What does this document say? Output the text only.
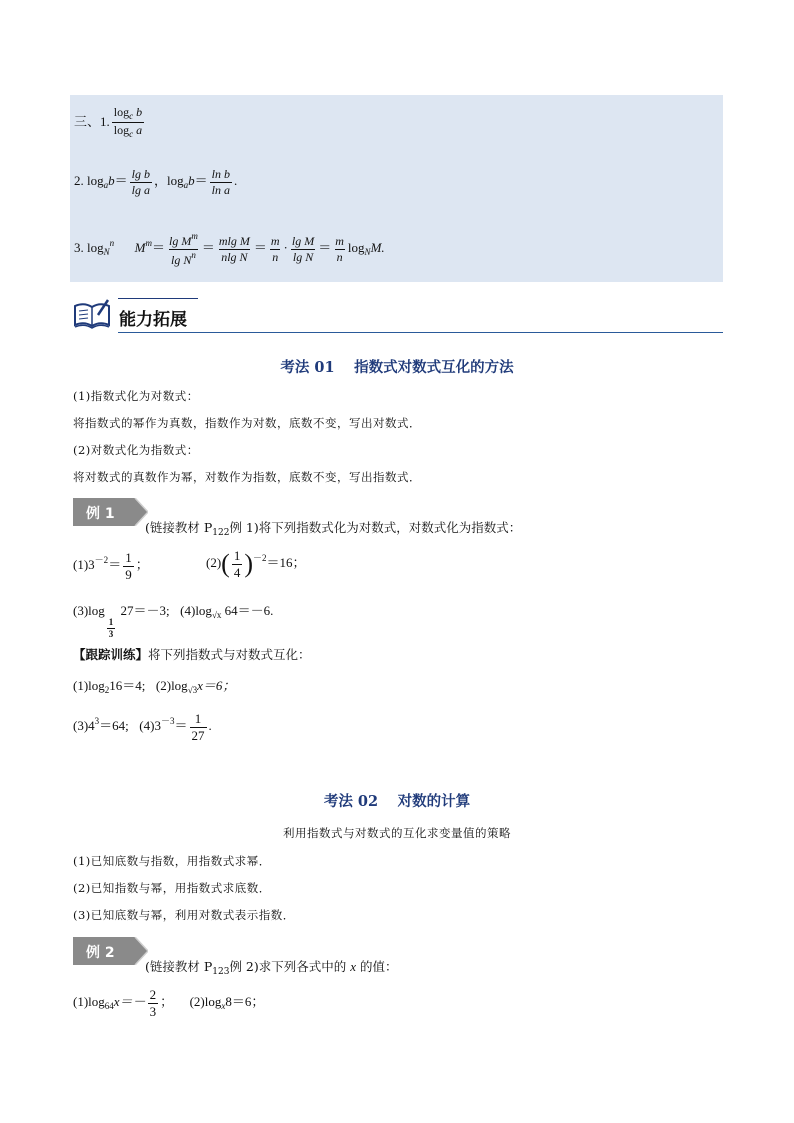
三、1. $\frac{\log_c b}{\log_c a}$
2. $\log_ab= \frac{\text{lg b}}{\text{lg a}}$ ，$\log_ab= \frac{\text{ln b}}{\text{ln a}}$ .
3. $\log_N^n M^m= \frac{\lg M^m}{\lg N^n} = \frac{\text{mlg M}}{\text{nlg N}} = \frac{m}{n} \cdot \frac{\text{lg M}}{\text{lg N}} = \frac{m}{n} \log_NM$.
能力拓展
考法 01　 指数式对数式互化的方法
(1)指数式化为对数式：
将指数式的幂作为真数，指数作为对数，底数不变，写出对数式．
(2)对数式化为指数式：
将对数式的真数作为幂，对数作为指数，底数不变，写出指数式．
例 1
(链接教材 $P_{122}$例 1)将下列指数式化为对数式，对数式化为指数式：
$(1)3^{-2}= \frac{1}{9}$ ；	$(2)( \frac{1}{4} )^{-2}=16$；
(3)log
$\frac{1}{3}$
27＝－3; $(4)\log_{√x}$ 64＝－6.
【跟踪训练】将下列指数式与对数式互化：
$(1)\log_216=4$; $(2)\log_{√3}x=6$；
$(3)4^3=64$; $(4)3^{-3}= \frac{1}{27}$ .
考法 02　 对数的计算
利用指数式与对数式的互化求变量值的策略
(1)已知底数与指数，用指数式求幂．
(2)已知指数与幂，用指数式求底数．
(3)已知底数与幂，利用对数式表示指数．
例 2
(链接教材 $P_{123}$例 2)求下列各式中的 x 的值：
$(1)\log_{64}x=- \frac{2}{3}$ ； $(2)\log_x8=6$；
